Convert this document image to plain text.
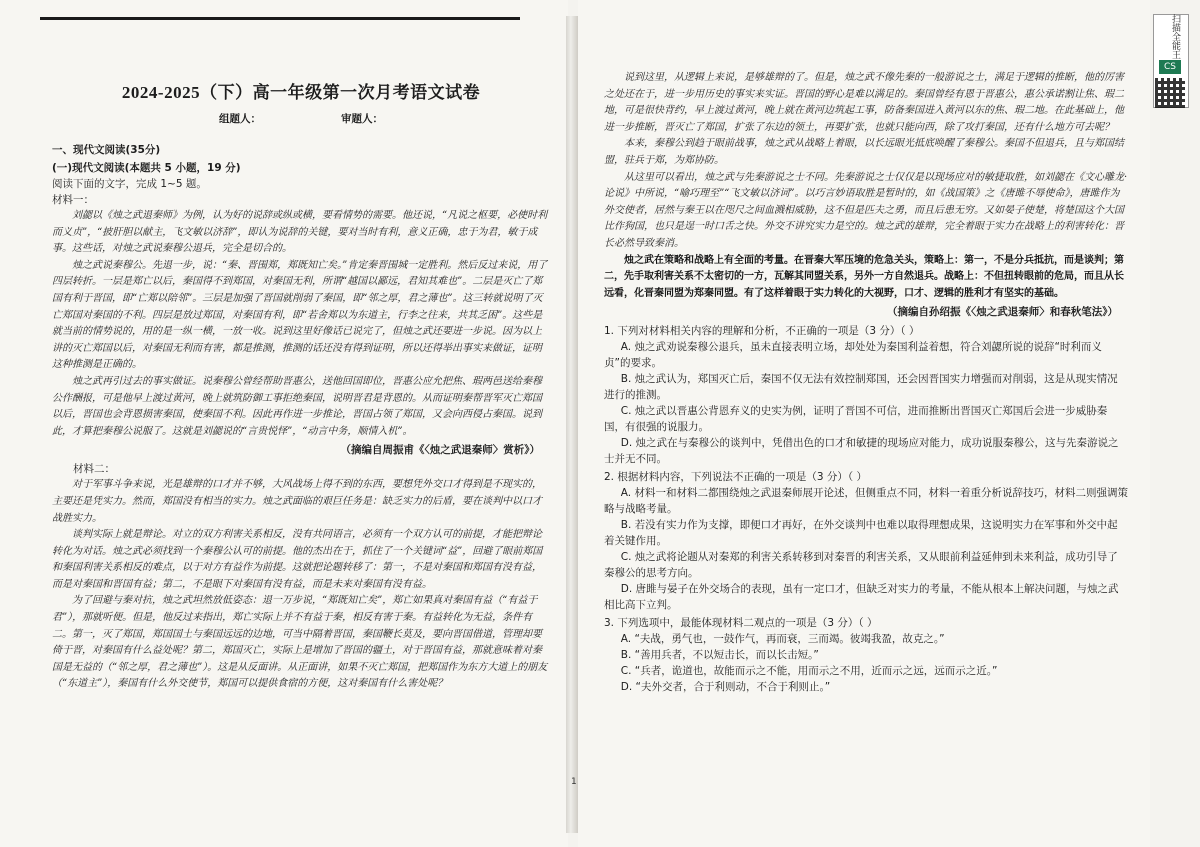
2024-2025（下）高一年级第一次月考语文试卷
组题人：	审题人：
一、现代文阅读(35分)
(一)现代文阅读(本题共 5 小题，19 分)
阅读下面的文字，完成 1~5 题。
材料一：

刘勰以《烛之武退秦师》为例，认为好的说辞或纵或横，要看情势的需要。他还说，“凡说之枢要，必使时利而义贞”，“披肝胆以献主，飞文敏以济辞”，即认为说辞的关键，要对当时有利，意义正确，忠于为君，敏于成事。这些话，对烛之武说秦穆公退兵，完全是切合的。

烛之武说秦穆公。先退一步，说：“秦、晋围郑，郑既知亡矣。”肯定秦晋围城一定胜利。然后反过来说，用了四层转折。一层是郑亡以后，秦国得不到郑国，对秦国无利，所谓“越国以鄙远，君知其难也”。二层是灭亡了郑国有利于晋国，即“亡郑以陪邻”。三层是加强了晋国就削弱了秦国，即“邻之厚，君之薄也”。这三转就说明了灭亡郑国对秦国的不利。四层是放过郑国，对秦国有利，即“若舍郑以为东道主，行李之往来，共其乏困”。这些是就当前的情势说的，用的是一纵一横，一放一收。说到这里好像话已说完了，但烛之武还要进一步说。因为以上讲的灭亡郑国以后，对秦国无利而有害，都是推测，推测的话还没有得到证明，所以还得举出事实来做证，证明这种推测是正确的。

烛之武再引过去的事实做证。说秦穆公曾经帮助晋惠公，送他回国即位，晋惠公应允把焦、瑕两邑送给秦穆公作酬报，可是他早上渡过黄河，晚上就筑防御工事拒绝秦国，说明晋君是背恩的。从而证明秦帮晋军灭亡郑国以后，晋国也会背恩损害秦国，使秦国不利。因此再作进一步推论，晋国占领了郑国，又会向西侵占秦国。说到此，才算把秦穆公说服了。这就是刘勰说的“言贵悦怿”，“动言中务，顺情入机”。

（摘编自周振甫《〈烛之武退秦师〉赏析》）
材料二：

对于军事斗争来说，光是雄辩的口才并不够，大风战场上得不到的东西，要想凭外交口才得到是不现实的，主要还是凭实力。然而，郑国没有相当的实力。烛之武面临的艰巨任务是：缺乏实力的后盾，要在谈判中以口才战胜实力。

谈判实际上就是辩论。对立的双方利害关系相反，没有共同语言，必须有一个双方认可的前提，才能把辩论转化为对话。烛之武必须找到一个秦穆公认可的前提。他的杰出在于，抓住了一个关键词“益”，回避了眼前郑国和秦国利害关系相反的难点，以于对方有益作为前提。这就把论题转移了：第一，不是对秦国和郑国有没有益，而是对秦国和晋国有益；第二，不是眼下对秦国有没有益，而是未来对秦国有没有益。

为了回避与秦对抗，烛之武坦然放低姿态：退一万步说，“郑既知亡矣”，郑亡如果真对秦国有益（“有益于君”），那就听便。但是，他反过来指出，郑亡实际上并不有益于秦，相反有害于秦。有益转化为无益，条件有二。第一，灭了郑国，郑国国土与秦国远远的边地，可当中隔着晋国，秦国鞭长莫及，要向晋国借道，管理却要倚于晋，对秦国有什么益处呢？第二，郑国灭亡，实际上是增加了晋国的疆土，对于晋国有益，那就意味着对秦国是无益的（“邻之厚，君之薄也”）。这是从反面讲。从正面讲，如果不灭亡郑国，把郑国作为东方大道上的朋友（“东道主”），秦国有什么外交使节，郑国可以提供食宿的方便，这对秦国有什么害处呢？

说到这里，从逻辑上来说，是够雄辩的了。但是，烛之武不像先秦的一般游说之士，满足于逻辑的推断，他的厉害之处还在于，进一步用历史的事实来实证。晋国的野心是难以满足的。秦国曾经有恩于晋惠公，惠公承诺割让焦、瑕二地，可是很快背约，早上渡过黄河，晚上就在黄河边筑起工事，防备秦国进入黄河以东的焦、瑕二地。在此基础上，他进一步推断，晋灭亡了郑国，扩张了东边的领土，再要扩张，也就只能向西，除了攻打秦国，还有什么地方可去呢？

本来，秦穆公到趋于眼前战事，烛之武从战略上着眼，以长远眼光抵底唤醒了秦穆公。秦国不但退兵，且与郑国结盟，驻兵于郑，为郑协防。

从这里可以看出，烛之武与先秦游说之士不同。先秦游说之士仅仅是以现场应对的敏捷取胜，如刘勰在《文心雕龙·论说》中所说，“喻巧理至”“飞文敏以济词”。以巧言妙语取胜是暂时的，如《战国策》之《唐雎不辱使命》，唐雎作为外交使者，居然与秦王以在咫尺之间血溅相威胁，这不但是匹夫之勇，而且后患无穷。又如晏子使楚，将楚国这个大国比作狗国，也只是逞一时口舌之快。外交不讲究实力是空的。烛之武的雄辩，完全着眼于实力在战略上的利害转化：晋长必然导致秦消。

烛之武在策略和战略上有全面的考量。在晋秦大军压境的危急关头，策略上：第一，不是分兵抵抗，而是谈判；第二，先手取利害关系不太密切的一方，瓦解其同盟关系，另外一方自然退兵。战略上：不但扭转眼前的危局，而且从长远看，化晋秦同盟为郑秦同盟。有了这样着眼于实力转化的大视野，口才、逻辑的胜利才有坚实的基础。

（摘编自孙绍振《〈烛之武退秦师〉和春秋笔法》）
1. 下列对材料相关内容的理解和分析，不正确的一项是（3 分）（ ）

A. 烛之武劝说秦穆公退兵，虽未直接表明立场，却处处为秦国利益着想，符合刘勰所说的说辞“时利而义贞”的要求。

B. 烛之武认为，郑国灭亡后，秦国不仅无法有效控制郑国，还会因晋国实力增强而对削弱，这是从现实情况进行的推测。

C. 烛之武以晋惠公背恩弃义的史实为例，证明了晋国不可信，进而推断出晋国灭亡郑国后会进一步威胁秦国，有很强的说服力。

D. 烛之武在与秦穆公的谈判中，凭借出色的口才和敏捷的现场应对能力，成功说服秦穆公，这与先秦游说之士并无不同。

2. 根据材料内容，下列说法不正确的一项是（3 分）（ ）

A. 材料一和材料二都围绕烛之武退秦师展开论述，但侧重点不同，材料一着重分析说辞技巧，材料二则强调策略与战略考量。

B. 若没有实力作为支撑，即便口才再好，在外交谈判中也难以取得理想成果，这说明实力在军事和外交中起着关键作用。

C. 烛之武将论题从对秦郑的利害关系转移到对秦晋的利害关系，又从眼前利益延伸到未来利益，成功引导了秦穆公的思考方向。

D. 唐雎与晏子在外交场合的表现，虽有一定口才，但缺乏对实力的考量，不能从根本上解决问题，与烛之武相比高下立判。

3. 下列选项中，最能体现材料二观点的一项是（3 分）（ ）

A. “夫战，勇气也，一鼓作气，再而衰，三而竭。彼竭我盈，故克之。”

B. “善用兵者，不以短击长，而以长击短。”

C. “兵者，诡道也，故能而示之不能，用而示之不用，近而示之远，远而示之近。”

D. “夫外交者，合于利则动，不合于利则止。”

1
扫描全能王
CS
